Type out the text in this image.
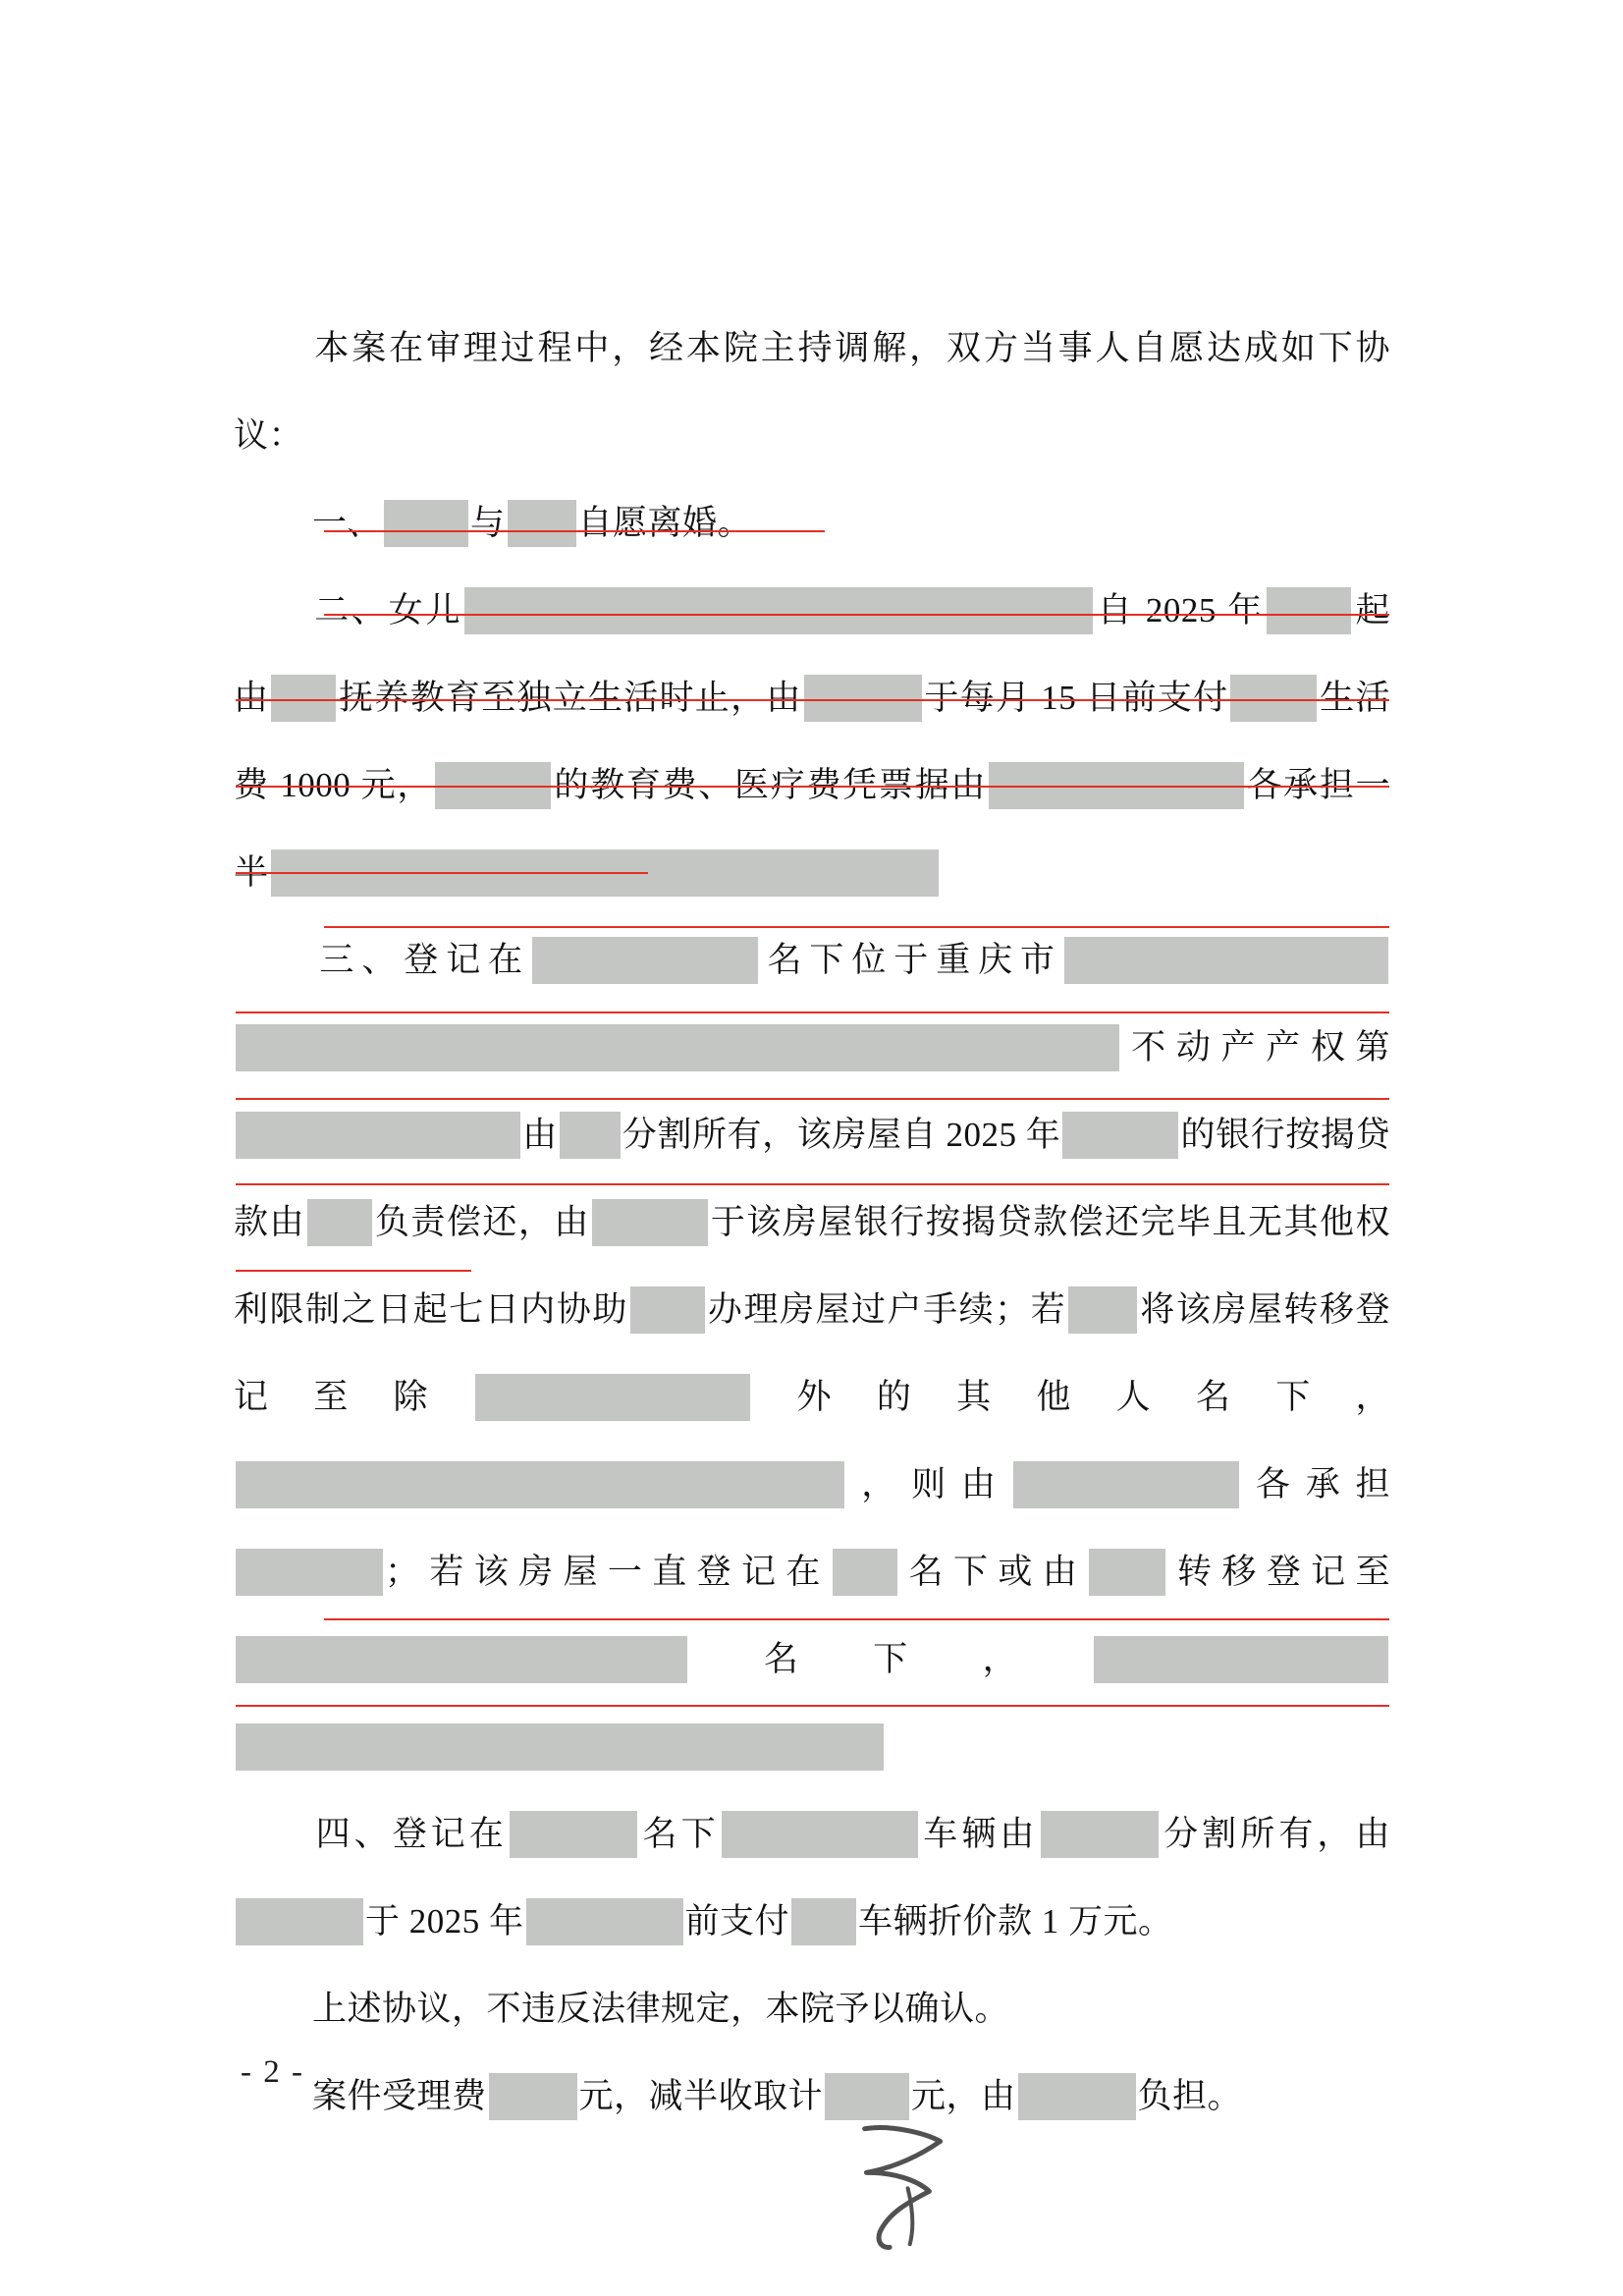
本案在审理过程中，经本院主持调解，双方当事人自愿达成如下协议：

一、	与 自愿离婚。

二、女儿	自 2025 年	起由 抚养教育至独立生活时止，由	于每月 15 日前支付	生活费 1000 元，	的教育费、医疗费凭票据由	各承担一半

三、登记在	名下位于重庆市不动产产权第由 分割所有，该房屋自 2025 年	的银行按揭贷款由 负责偿还，由	于该房屋银行按揭贷款偿还完毕且无其他权利限制之日起七日内协助 办理房屋过户手续；若 将该房屋转移登记至除	外的其他人名下，，则由	各承担；若该房屋一直登记在 名下或由 转移登记至名下，

四、登记在	名下	车辆由	分割所有，由于 2025 年	前支付 车辆折价款 1 万元。

上述协议，不违反法律规定，本院予以确认。

案件受理费	元，减半收取计	元，由	负担。

- 2 -
